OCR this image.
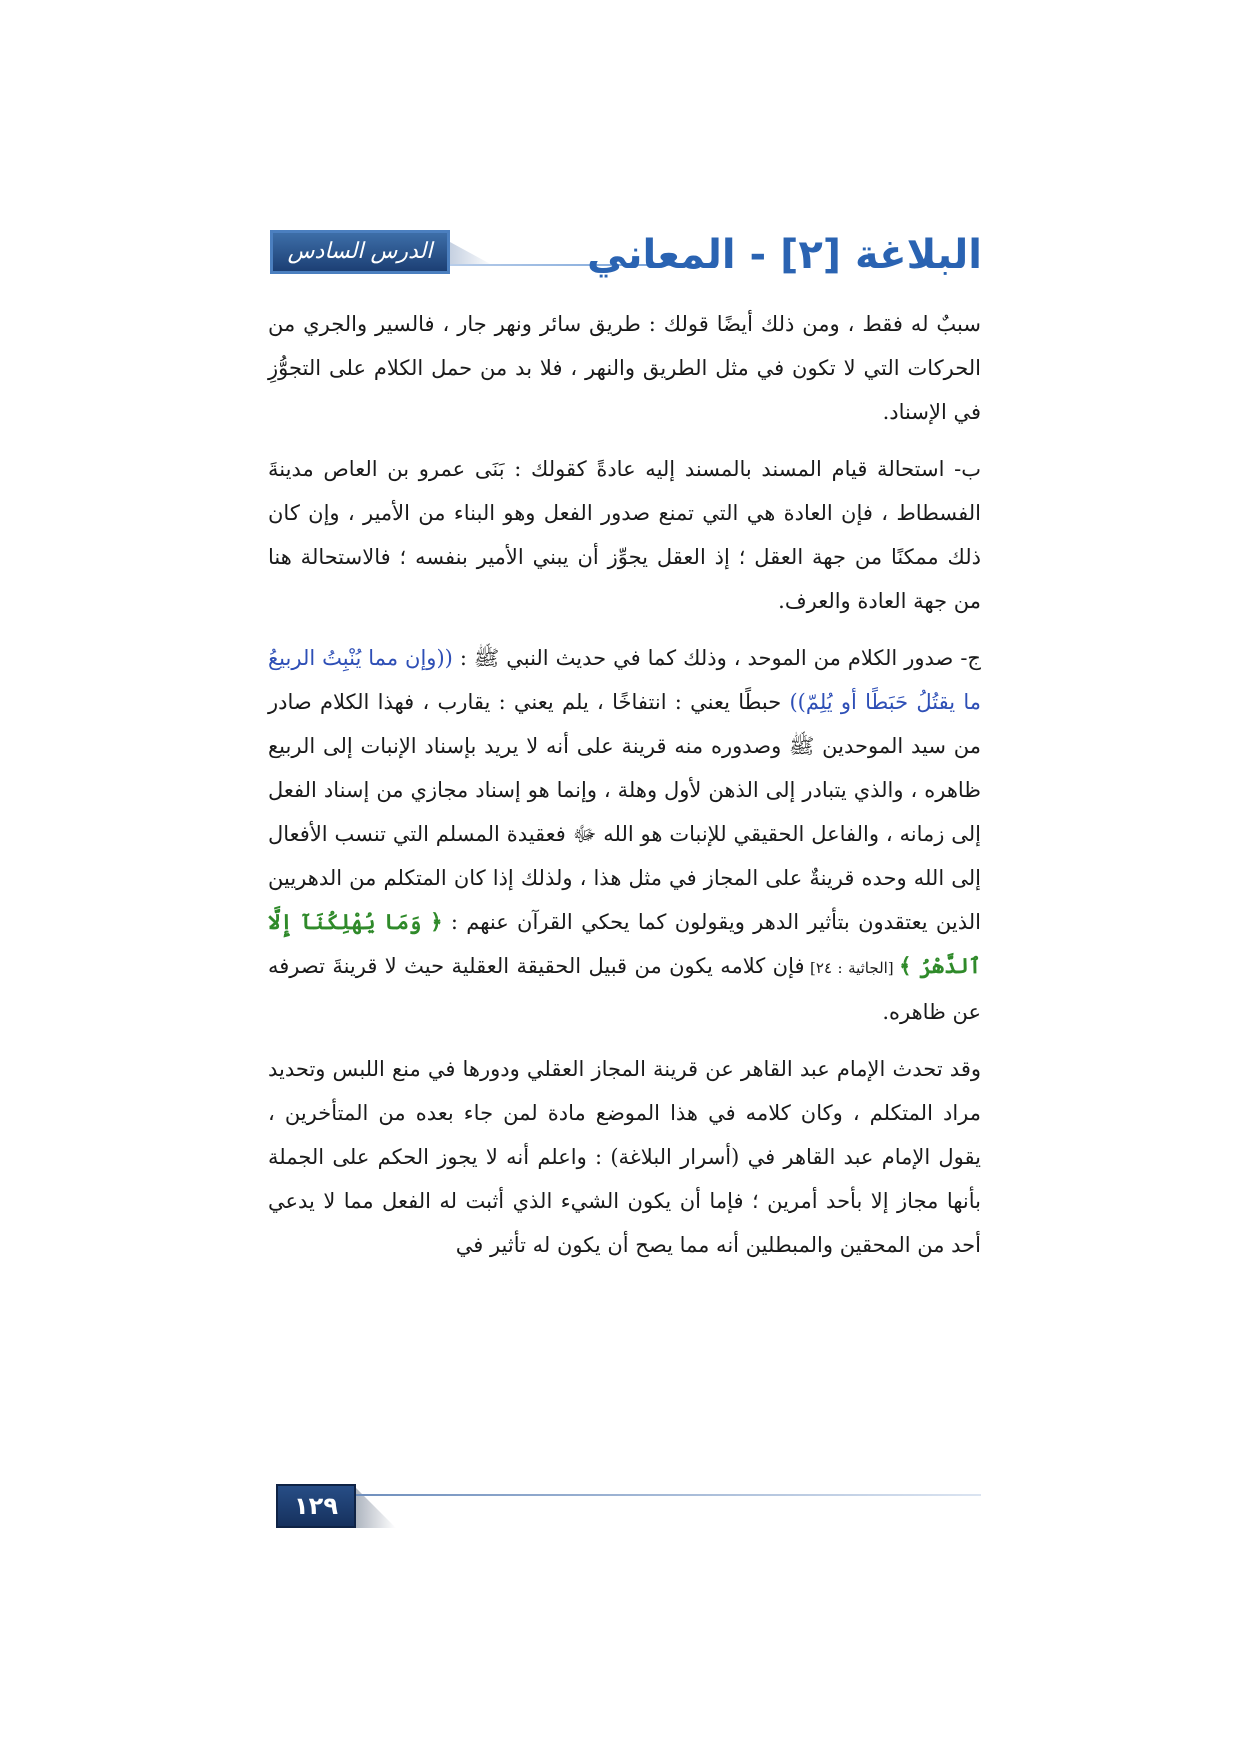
الدرس السادس	البلاغة [٢] - المعاني

سببٌ له فقط ، ومن ذلك أيضًا قولك : طريق سائر ونهر جار ، فالسير والجري من الحركات التي لا تكون في مثل الطريق والنهر ، فلا بد من حمل الكلام على التجوُّزِ في الإسناد.

ب- استحالة قيام المسند بالمسند إليه عادةً كقولك : بَنَى عمرو بن العاص مدينةَ الفسطاط ، فإن العادة هي التي تمنع صدور الفعل وهو البناء من الأمير ، وإن كان ذلك ممكنًا من جهة العقل ؛ إذ العقل يجوِّز أن يبني الأمير بنفسه ؛ فالاستحالة هنا من جهة العادة والعرف.

ج- صدور الكلام من الموحد ، وذلك كما في حديث النبي ﷺ : ((وإن مما يُنْبِتُ الربيعُ ما يقتُلُ حَبَطًا أو يُلِمّ)) حبطًا يعني : انتفاخًا ، يلم يعني : يقارب ، فهذا الكلام صادر من سيد الموحدين ﷺ وصدوره منه قرينة على أنه لا يريد بإسناد الإنبات إلى الربيع ظاهره ، والذي يتبادر إلى الذهن لأول وهلة ، وإنما هو إسناد مجازي من إسناد الفعل إلى زمانه ، والفاعل الحقيقي للإنبات هو الله ﷻ فعقيدة المسلم التي تنسب الأفعال إلى الله وحده قرينةٌ على المجاز في مثل هذا ، ولذلك إذا كان المتكلم من الدهريين الذين يعتقدون بتأثير الدهر ويقولون كما يحكي القرآن عنهم : ﴿ وَمَا يُهْلِكُنَآ إِلَّا ٱلدَّهْرُ ﴾ [الجاثية : ٢٤] فإن كلامه يكون من قبيل الحقيقة العقلية حيث لا قرينةَ تصرفه عن ظاهره.

وقد تحدث الإمام عبد القاهر عن قرينة المجاز العقلي ودورها في منع اللبس وتحديد مراد المتكلم ، وكان كلامه في هذا الموضع مادة لمن جاء بعده من المتأخرين ، يقول الإمام عبد القاهر في (أسرار البلاغة) : واعلم أنه لا يجوز الحكم على الجملة بأنها مجاز إلا بأحد أمرين ؛ فإما أن يكون الشيء الذي أثبت له الفعل مما لا يدعي أحد من المحقين والمبطلين أنه مما يصح أن يكون له تأثير في

١٢٩
